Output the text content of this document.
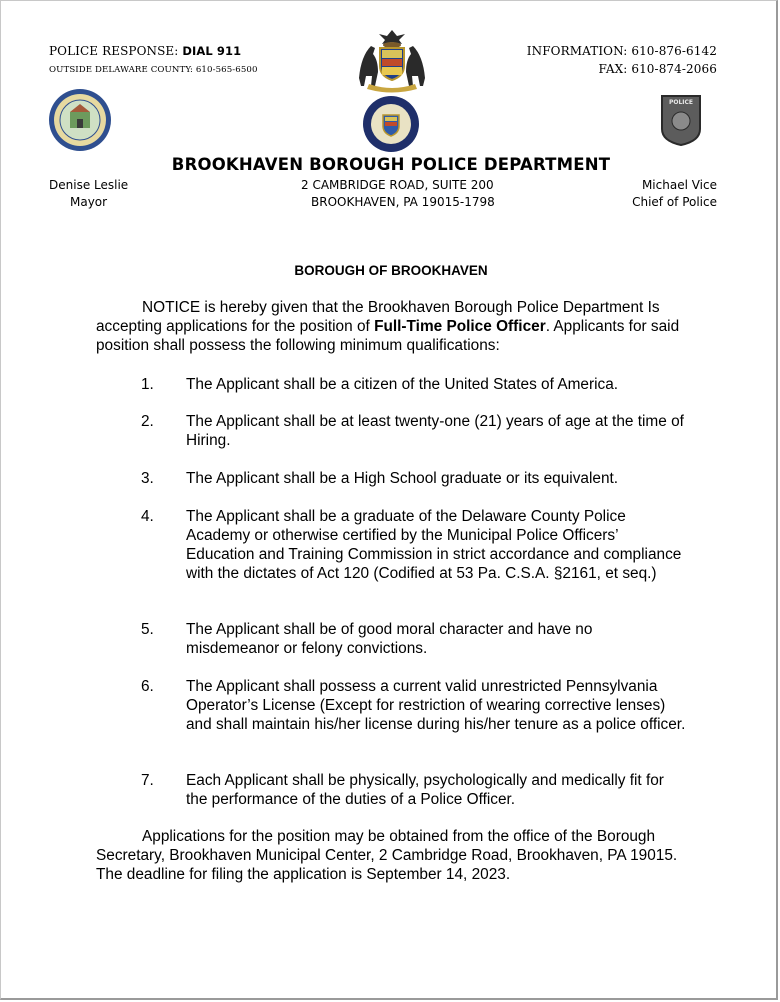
POLICE RESPONSE: DIAL 911
OUTSIDE DELAWARE COUNTY: 610-565-6500
INFORMATION: 610-876-6142
FAX: 610-874-2066
POLICE
BROOKHAVEN BOROUGH POLICE DEPARTMENT
2 CAMBRIDGE ROAD, SUITE 200
BROOKHAVEN, PA 19015-1798
Denise Leslie
Mayor
Michael Vice
Chief of Police
BOROUGH OF BROOKHAVEN
NOTICE is hereby given that the Brookhaven Borough Police Department Is accepting applications for the position of Full-Time Police Officer. Applicants for said position shall possess the following minimum qualifications:
1. The Applicant shall be a citizen of the United States of America.
2. The Applicant shall be at least twenty-one (21) years of age at the time of Hiring.
3. The Applicant shall be a High School graduate or its equivalent.
4. The Applicant shall be a graduate of the Delaware County Police Academy or otherwise certified by the Municipal Police Officers’ Education and Training Commission in strict accordance and compliance with the dictates of Act 120 (Codified at 53 Pa. C.S.A. §2161, et seq.)
5. The Applicant shall be of good moral character and have no misdemeanor or felony convictions.
6. The Applicant shall possess a current valid unrestricted Pennsylvania Operator’s License (Except for restriction of wearing corrective lenses) and shall maintain his/her license during his/her tenure as a police officer.
7. Each Applicant shall be physically, psychologically and medically fit for the performance of the duties of a Police Officer.
Applications for the position may be obtained from the office of the Borough Secretary, Brookhaven Municipal Center, 2 Cambridge Road, Brookhaven, PA 19015. The deadline for filing the application is September 14, 2023.
